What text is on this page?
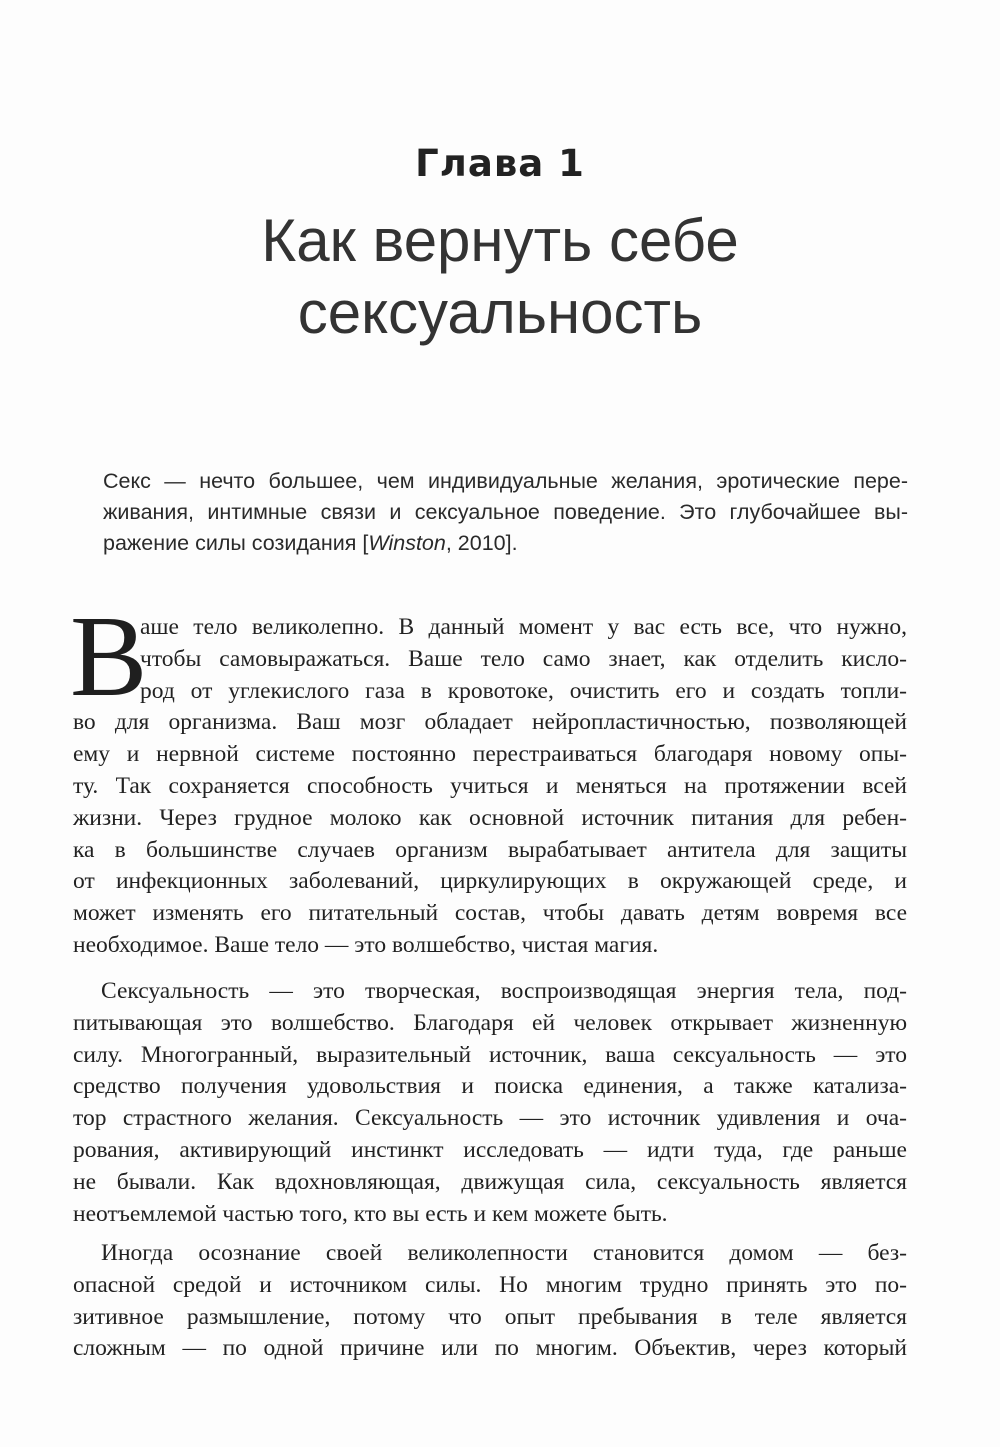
Глава 1
Как вернуть себе
сексуальность
Секс — нечто большее, чем индивидуальные желания, эротические пере-
живания, интимные связи и сексуальное поведение. Это глубочайшее вы-
ражение силы созидания [Winston, 2010].
В
аше тело великолепно. В данный момент у вас есть все, что нужно,
чтобы самовыражаться. Ваше тело само знает, как отделить кисло-
род от углекислого газа в кровотоке, очистить его и создать топли-
во для организма. Ваш мозг обладает нейропластичностью, позволяющей
ему и нервной системе постоянно перестраиваться благодаря новому опы-
ту. Так сохраняется способность учиться и меняться на протяжении всей
жизни. Через грудное молоко как основной источник питания для ребен-
ка в большинстве случаев организм вырабатывает антитела для защиты
от инфекционных заболеваний, циркулирующих в окружающей среде, и
может изменять его питательный состав, чтобы давать детям вовремя все
необходимое. Ваше тело — это волшебство, чистая магия.
Сексуальность — это творческая, воспроизводящая энергия тела, под-
питывающая это волшебство. Благодаря ей человек открывает жизненную
силу. Многогранный, выразительный источник, ваша сексуальность — это
средство получения удовольствия и поиска единения, а также катализа-
тор страстного желания. Сексуальность — это источник удивления и оча-
рования, активирующий инстинкт исследовать — идти туда, где раньше
не бывали. Как вдохновляющая, движущая сила, сексуальность является
неотъемлемой частью того, кто вы есть и кем можете быть.
Иногда осознание своей великолепности становится домом — без-
опасной средой и источником силы. Но многим трудно принять это по-
зитивное размышление, потому что опыт пребывания в теле является
сложным — по одной причине или по многим. Объектив, через который
